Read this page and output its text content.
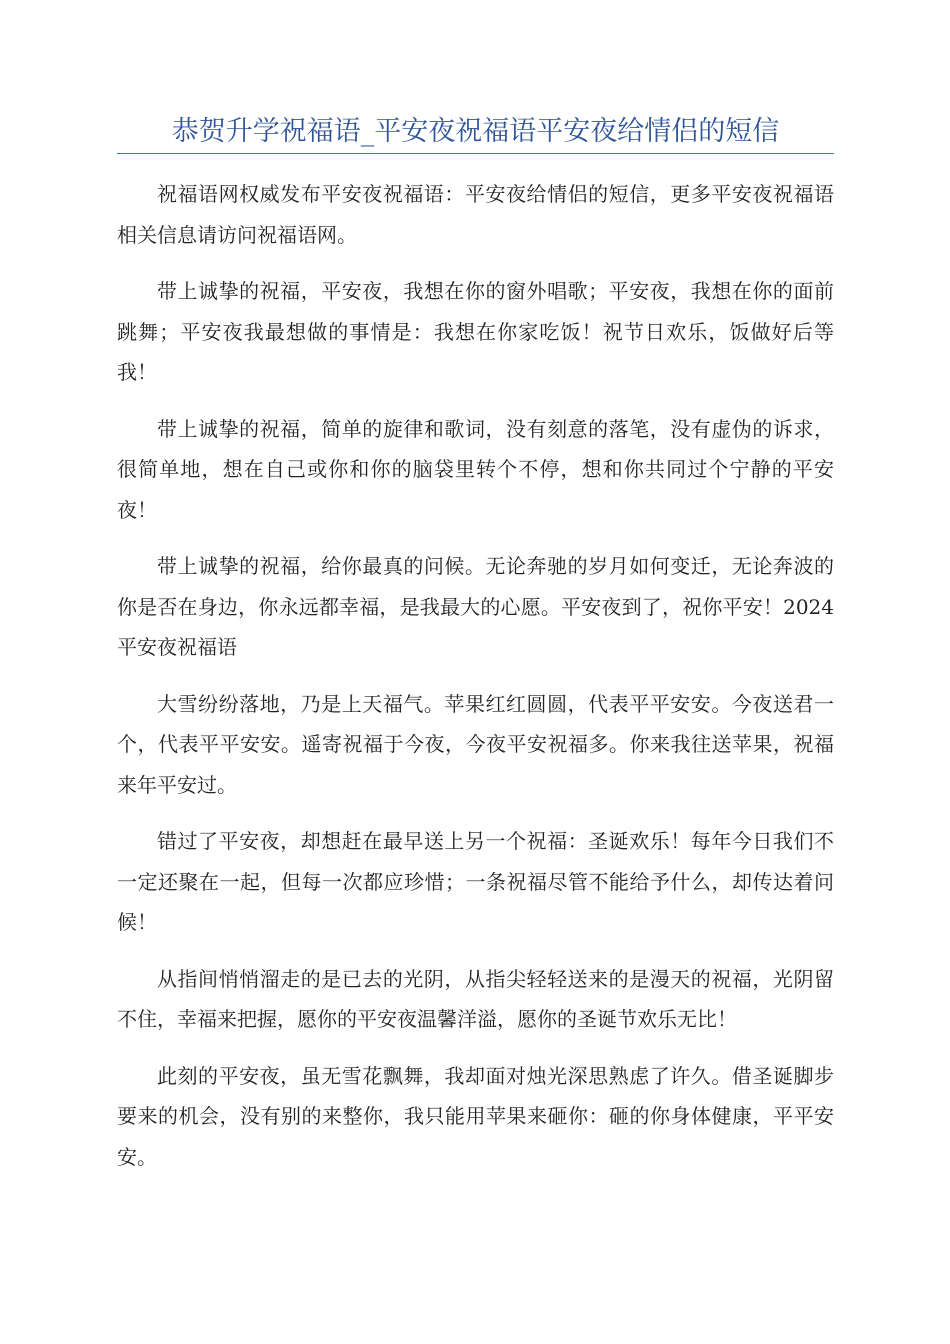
恭贺升学祝福语_平安夜祝福语平安夜给情侣的短信

祝福语网权威发布平安夜祝福语：平安夜给情侣的短信，更多平安夜祝福语相关信息请访问祝福语网。

带上诚挚的祝福，平安夜，我想在你的窗外唱歌；平安夜，我想在你的面前跳舞；平安夜我最想做的事情是：我想在你家吃饭！祝节日欢乐，饭做好后等我！

带上诚挚的祝福，简单的旋律和歌词，没有刻意的落笔，没有虚伪的诉求，很简单地，想在自己或你和你的脑袋里转个不停，想和你共同过个宁静的平安夜！

带上诚挚的祝福，给你最真的问候。无论奔驰的岁月如何变迁，无论奔波的你是否在身边，你永远都幸福，是我最大的心愿。平安夜到了，祝你平安！2024平安夜祝福语

大雪纷纷落地，乃是上天福气。苹果红红圆圆，代表平平安安。今夜送君一个，代表平平安安。遥寄祝福于今夜，今夜平安祝福多。你来我往送苹果，祝福来年平安过。

错过了平安夜，却想赶在最早送上另一个祝福：圣诞欢乐！每年今日我们不一定还聚在一起，但每一次都应珍惜；一条祝福尽管不能给予什么，却传达着问候！

从指间悄悄溜走的是已去的光阴，从指尖轻轻送来的是漫天的祝福，光阴留不住，幸福来把握，愿你的平安夜温馨洋溢，愿你的圣诞节欢乐无比！

此刻的平安夜，虽无雪花飘舞，我却面对烛光深思熟虑了许久。借圣诞脚步要来的机会，没有别的来整你，我只能用苹果来砸你：砸的你身体健康，平平安安。
